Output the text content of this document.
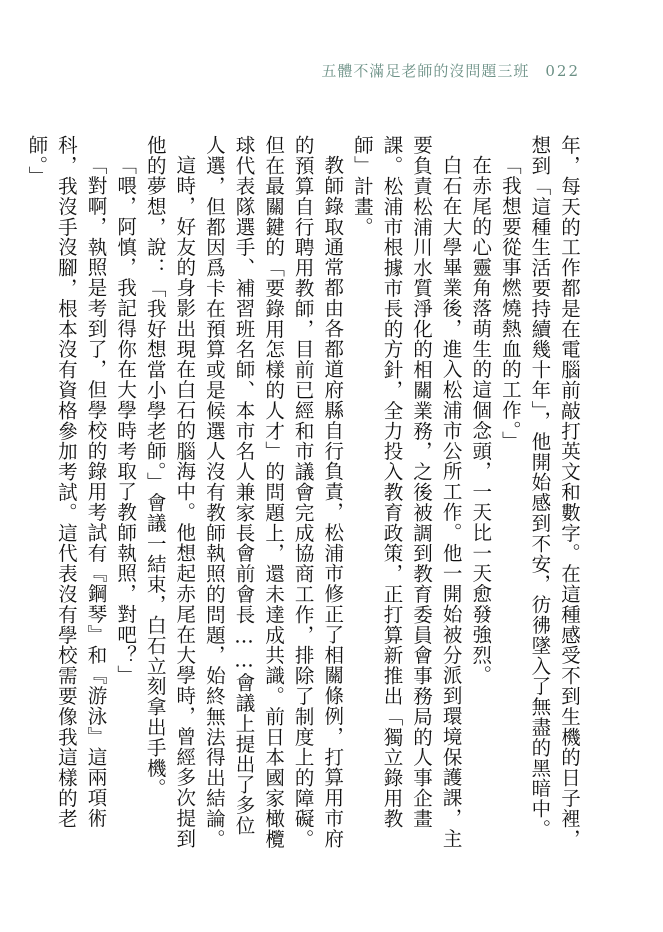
五體不滿足老師的沒問題三班 022

年，每天的工作都是在電腦前敲打英文和數字。在這種感受不到生機的日子裡，想到「這種生活要持續幾十年」，他開始感到不安，彷彿墜入了無盡的黑暗中。

「我想要從事燃燒熱血的工作。」

在赤尾的心靈角落萌生的這個念頭，一天比一天愈發強烈。

白石在大學畢業後，進入松浦市公所工作。他一開始被分派到環境保護課，主要負責松浦川水質淨化的相關業務，之後被調到教育委員會事務局的人事企畫課。松浦市根據市長的方針，全力投入教育政策，正打算新推出「獨立錄用教師」計畫。

教師錄取通常都由各都道府縣自行負責，松浦市修正了相關條例，打算用市府的預算自行聘用教師，目前已經和市議會完成協商工作，排除了制度上的障礙。但在最關鍵的「要錄用怎樣的人才」的問題上，還未達成共識。前日本國家橄欖球代表隊選手、補習班名師、本市名人兼家長會前會長……會議上提出了多位人選，但都因爲卡在預算或是候選人沒有教師執照的問題，始終無法得出結論。

這時，好友的身影出現在白石的腦海中。他想起赤尾在大學時，曾經多次提到他的夢想，說：「我好想當小學老師。」會議一結束，白石立刻拿出手機。

「喂，阿慎，我記得你在大學時考取了教師執照，對吧？」

「對啊，執照是考到了，但學校的錄用考試有『鋼琴』和『游泳』這兩項術科，我沒手沒腳，根本沒有資格參加考試。這代表沒有學校需要像我這樣的老師。」
